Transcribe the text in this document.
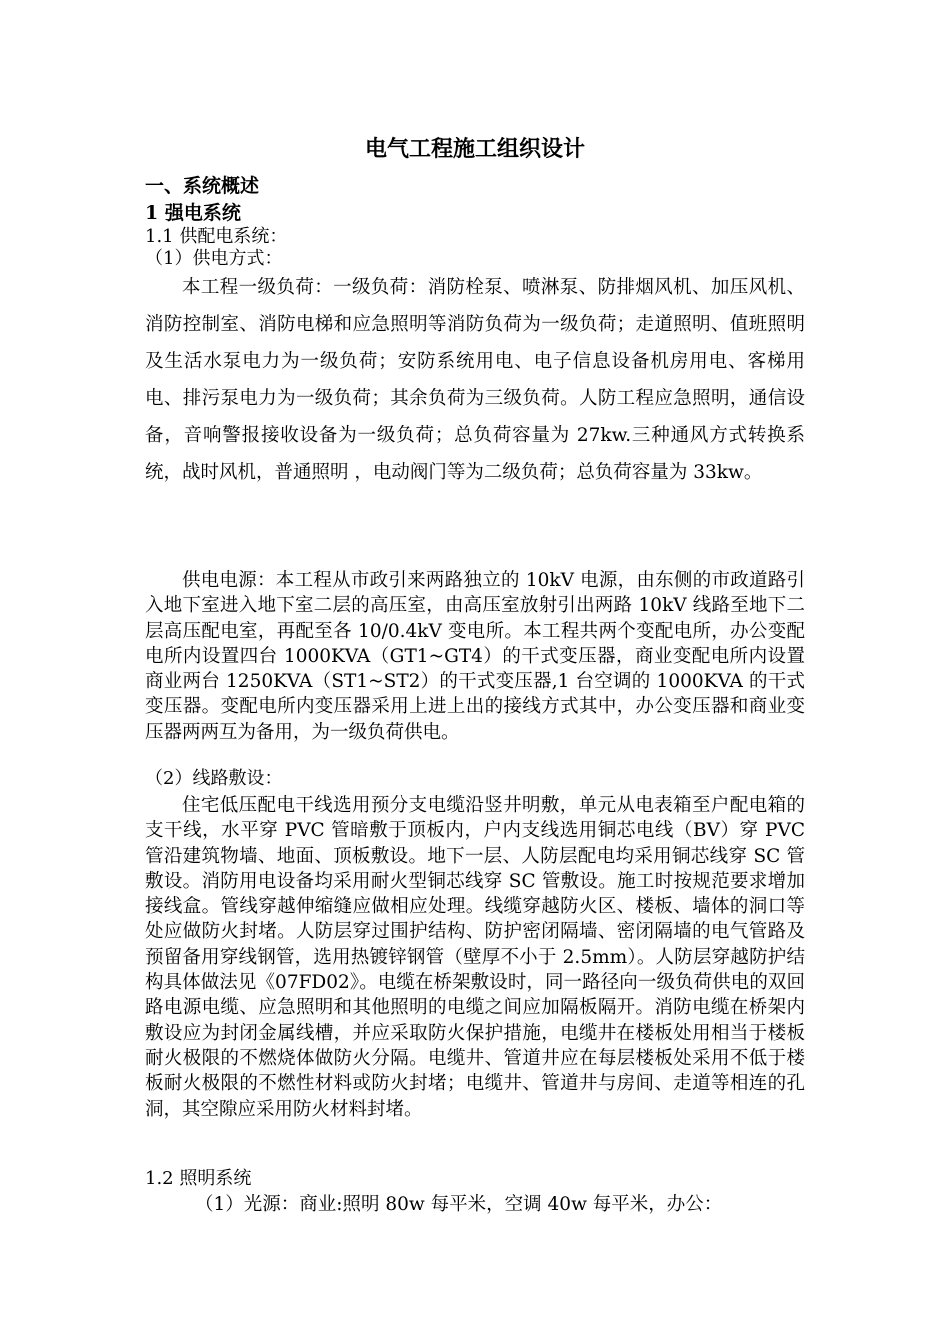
电气工程施工组织设计
一、系统概述
1 强电系统
1.1 供配电系统：
（1）供电方式：
本工程一级负荷：一级负荷：消防栓泵、喷淋泵、防排烟风机、加压风机、消防控制室、消防电梯和应急照明等消防负荷为一级负荷；走道照明、值班照明及生活水泵电力为一级负荷；安防系统用电、电子信息设备机房用电、客梯用电、排污泵电力为一级负荷；其余负荷为三级负荷。人防工程应急照明，通信设备，音响警报接收设备为一级负荷；总负荷容量为 27kw.三种通风方式转换系统，战时风机，普通照明 ，电动阀门等为二级负荷；总负荷容量为 33kw。
供电电源：本工程从市政引来两路独立的 10kV 电源，由东侧的市政道路引入地下室进入地下室二层的高压室，由高压室放射引出两路 10kV 线路至地下二层高压配电室，再配至各 10/0.4kV 变电所。本工程共两个变配电所，办公变配电所内设置四台 1000KVA（GT1~GT4）的干式变压器，商业变配电所内设置商业两台 1250KVA（ST1~ST2）的干式变压器,1 台空调的 1000KVA 的干式变压器。变配电所内变压器采用上进上出的接线方式其中，办公变压器和商业变压器两两互为备用，为一级负荷供电。
（2）线路敷设：
住宅低压配电干线选用预分支电缆沿竖井明敷，单元从电表箱至户配电箱的支干线，水平穿 PVC 管暗敷于顶板内，户内支线选用铜芯电线（BV）穿 PVC 管沿建筑物墙、地面、顶板敷设。地下一层、人防层配电均采用铜芯线穿 SC 管敷设。消防用电设备均采用耐火型铜芯线穿 SC 管敷设。施工时按规范要求增加接线盒。管线穿越伸缩缝应做相应处理。线缆穿越防火区、楼板、墙体的洞口等处应做防火封堵。人防层穿过围护结构、防护密闭隔墙、密闭隔墙的电气管路及预留备用穿线钢管，选用热镀锌钢管（壁厚不小于 2.5mm）。人防层穿越防护结构具体做法见《07FD02》。电缆在桥架敷设时，同一路径向一级负荷供电的双回路电源电缆、应急照明和其他照明的电缆之间应加隔板隔开。消防电缆在桥架内敷设应为封闭金属线槽，并应采取防火保护措施，电缆井在楼板处用相当于楼板耐火极限的不燃烧体做防火分隔。电缆井、管道井应在每层楼板处采用不低于楼板耐火极限的不燃性材料或防火封堵；电缆井、管道井与房间、走道等相连的孔洞，其空隙应采用防火材料封堵。
1.2 照明系统
（1）光源：商业:照明 80w 每平米，空调 40w 每平米，办公：
